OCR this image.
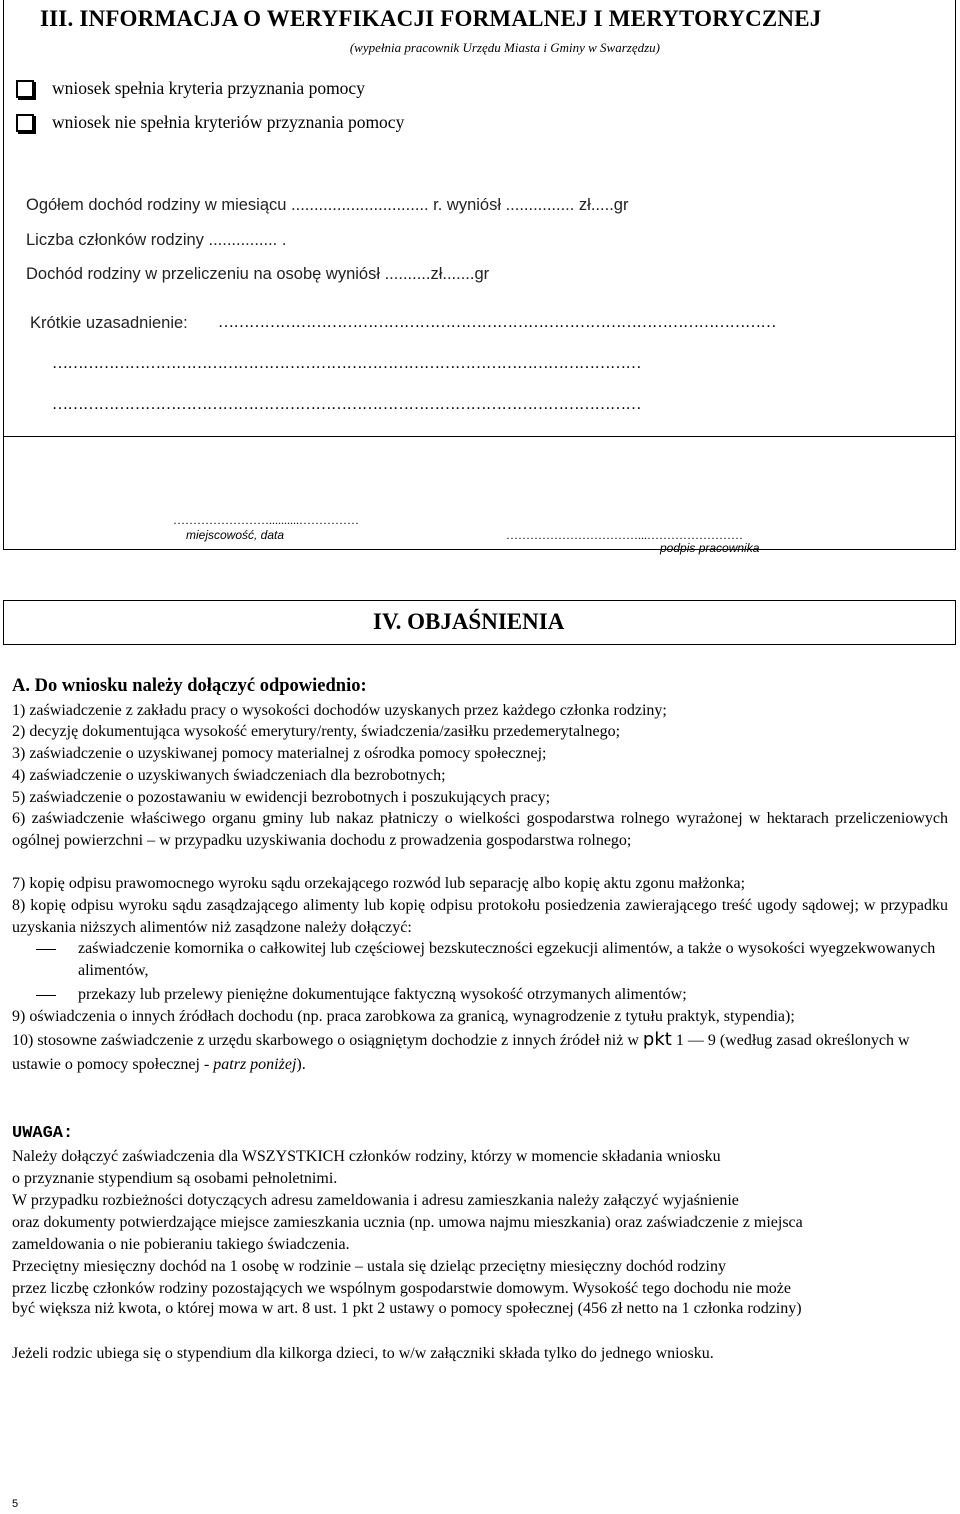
III. INFORMACJA O WERYFIKACJI FORMALNEJ I MERYTORYCZNEJ
(wypełnia pracownik Urzędu Miasta i Gminy w Swarzędzu)
wniosek spełnia kryteria przyznania pomocy
wniosek nie spełnia kryteriów przyznania pomocy
Ogółem dochód rodziny w miesiącu .............................. r. wyniósł ............... zł.....gr
Liczba członków rodziny ............... .
Dochód rodziny w przeliczeniu na osobę wyniósł ..........zł.......gr
Krótkie uzasadnienie: ………………………………………………………………………………………………
……………………………………………………………………………………………………
……………………………………………………………………………………………………
……………………..........……………
miejscowość, data	……………………………...……………………
podpis pracownika
IV. OBJAŚNIENIA
A. Do wniosku należy dołączyć odpowiednio:
1) zaświadczenie z zakładu pracy o wysokości dochodów uzyskanych przez każdego członka rodziny;
2) decyzję dokumentująca wysokość emerytury/renty, świadczenia/zasiłku przedemerytalnego;
3) zaświadczenie o uzyskiwanej pomocy materialnej z ośrodka pomocy społecznej;
4) zaświadczenie o uzyskiwanych świadczeniach dla bezrobotnych;
5) zaświadczenie o pozostawaniu w ewidencji bezrobotnych i poszukujących pracy;
6) zaświadczenie właściwego organu gminy lub nakaz płatniczy o wielkości gospodarstwa rolnego wyrażonej w hektarach przeliczeniowych ogólnej powierzchni – w przypadku uzyskiwania dochodu z prowadzenia gospodarstwa rolnego;
7) kopię odpisu prawomocnego wyroku sądu orzekającego rozwód lub separację albo kopię aktu zgonu małżonka;
8) kopię odpisu wyroku sądu zasądzającego alimenty lub kopię odpisu protokołu posiedzenia zawierającego treść ugody sądowej; w przypadku uzyskania niższych alimentów niż zasądzone należy dołączyć:
zaświadczenie komornika o całkowitej lub częściowej bezskuteczności egzekucji alimentów, a także o wysokości wyegzekwowanych alimentów,
przekazy lub przelewy pieniężne dokumentujące faktyczną wysokość otrzymanych alimentów;
9) oświadczenia o innych źródłach dochodu (np. praca zarobkowa za granicą, wynagrodzenie z tytułu praktyk, stypendia);
10) stosowne zaświadczenie z urzędu skarbowego o osiągniętym dochodzie z innych źródeł niż w pkt 1 — 9 (według zasad określonych w ustawie o pomocy społecznej - patrz poniżej).
UWAGA:
Należy dołączyć zaświadczenia dla WSZYSTKICH członków rodziny, którzy w momencie składania wniosku
o przyznanie stypendium są osobami pełnoletnimi.
W przypadku rozbieżności dotyczących adresu zameldowania i adresu zamieszkania należy załączyć wyjaśnienie
oraz dokumenty potwierdzające miejsce zamieszkania ucznia (np. umowa najmu mieszkania) oraz zaświadczenie z miejsca
zameldowania o nie pobieraniu takiego świadczenia.
Przeciętny miesięczny dochód na 1 osobę w rodzinie – ustala się dzieląc przeciętny miesięczny dochód rodziny
przez liczbę członków rodziny pozostających we wspólnym gospodarstwie domowym. Wysokość tego dochodu nie może
być większa niż kwota, o której mowa w art. 8 ust. 1 pkt 2 ustawy o pomocy społecznej (456 zł netto na 1 członka rodziny)
Jeżeli rodzic ubiega się o stypendium dla kilkorga dzieci, to w/w załączniki składa tylko do jednego wniosku.
5
